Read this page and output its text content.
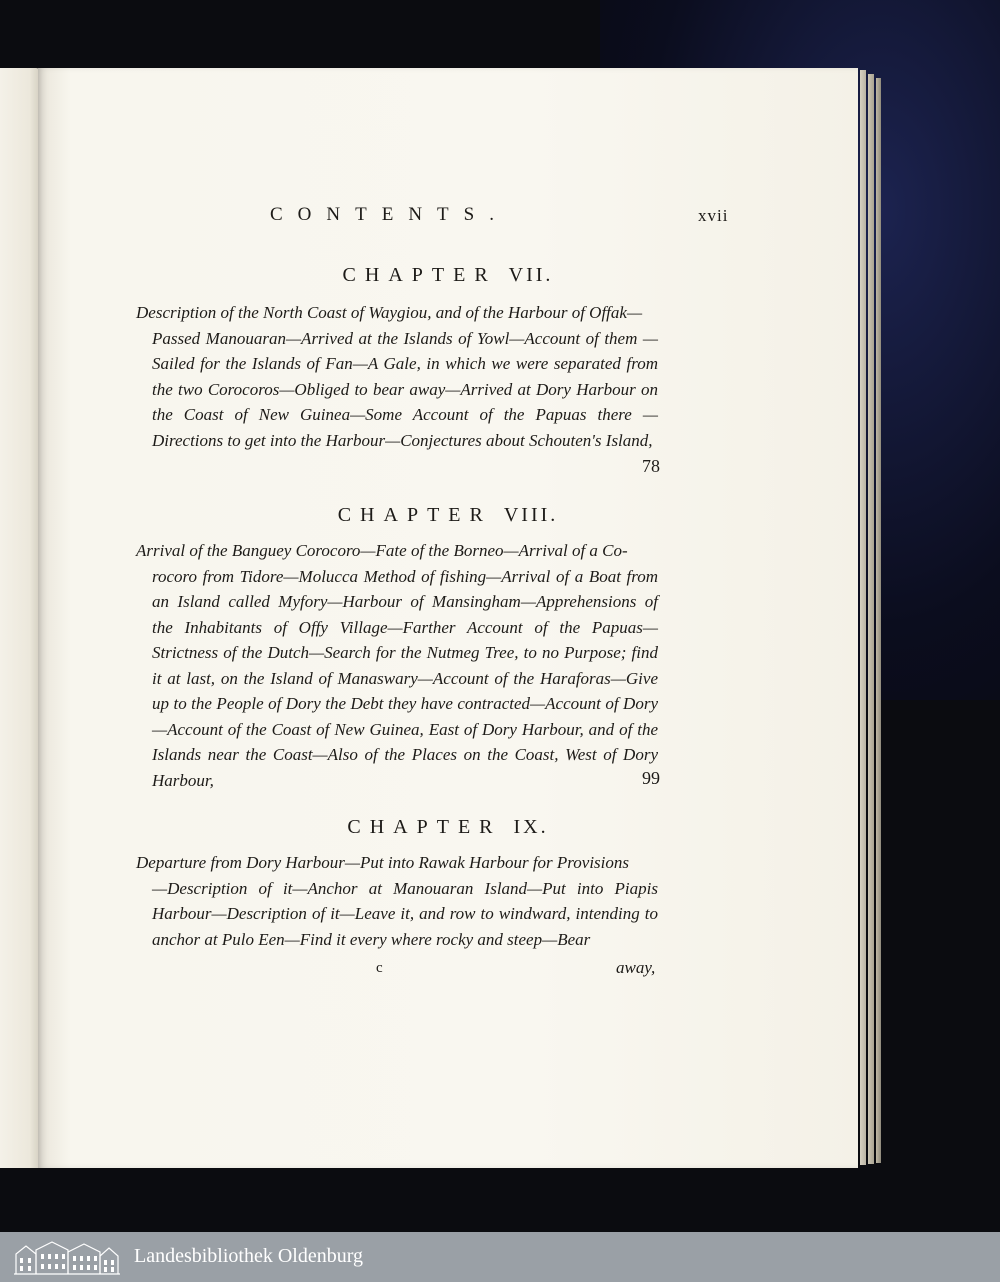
CONTENTS.	xvii
CHAPTER VII.
Description of the North Coast of Waygiou, and of the Harbour of Offak—
Passed Manouaran—Arrived at the Islands of Yowl—Account of them —Sailed for the Islands of Fan—A Gale, in which we were separated from the two Corocoros—Obliged to bear away—Arrived at Dory Harbour on the Coast of New Guinea—Some Account of the Papuas there —Directions to get into the Harbour—Conjectures about Schouten's Island,
78
CHAPTER VIII.
Arrival of the Banguey Corocoro—Fate of the Borneo—Arrival of a Co-
rocoro from Tidore—Molucca Method of fishing—Arrival of a Boat from an Island called Myfory—Harbour of Mansingham—Apprehensions of the Inhabitants of Offy Village—Farther Account of the Papuas—Strictness of the Dutch—Search for the Nutmeg Tree, to no Purpose; find it at last, on the Island of Manaswary—Account of the Haraforas—Give up to the People of Dory the Debt they have contracted—Account of Dory —Account of the Coast of New Guinea, East of Dory Harbour, and of the Islands near the Coast—Also of the Places on the Coast, West of Dory Harbour,	99
CHAPTER IX.
Departure from Dory Harbour—Put into Rawak Harbour for Provisions
—Description of it—Anchor at Manouaran Island—Put into Piapis Harbour—Description of it—Leave it, and row to windward, intending to anchor at Pulo Een—Find it every where rocky and steep—Bear
c	away,
Landesbibliothek Oldenburg
